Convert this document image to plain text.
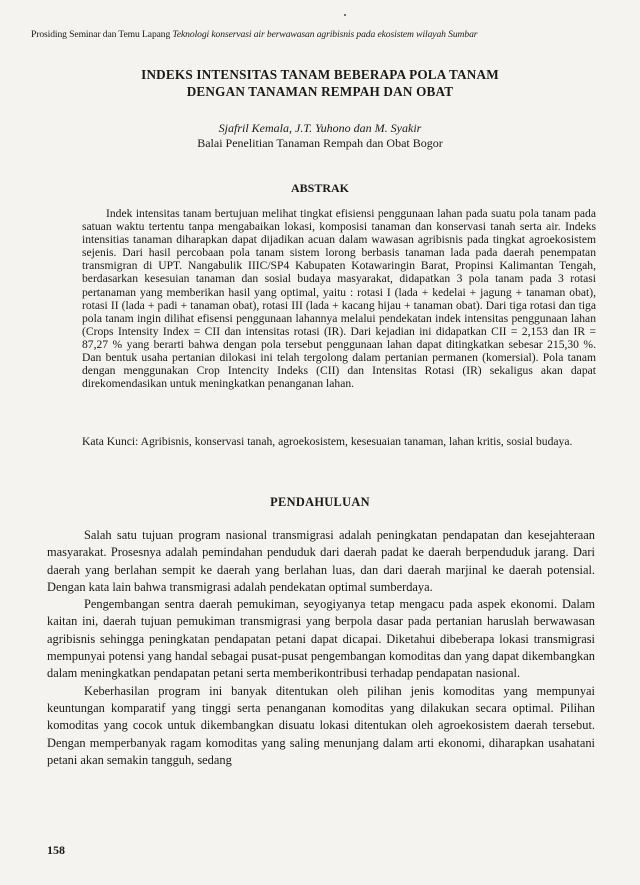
Prosiding Seminar dan Temu Lapang Teknologi konservasi air berwawasan agribisnis pada ekosistem wilayah Sumbar
INDEKS INTENSITAS TANAM BEBERAPA POLA TANAM
DENGAN TANAMAN REMPAH DAN OBAT
Sjafril Kemala, J.T. Yuhono dan M. Syakir
Balai Penelitian Tanaman Rempah dan Obat Bogor
ABSTRAK

Indek intensitas tanam bertujuan melihat tingkat efisiensi penggunaan lahan pada suatu pola tanam pada satuan waktu tertentu tanpa mengabaikan lokasi, komposisi tanaman dan konservasi tanah serta air. Indeks intensitias tanaman diharapkan dapat dijadikan acuan dalam wawasan agribisnis pada tingkat agroekosistem sejenis. Dari hasil percobaan pola tanam sistem lorong berbasis tanaman lada pada daerah penempatan transmigran di UPT. Nangabulik IIIC/SP4 Kabupaten Kotawaringin Barat, Propinsi Kalimantan Tengah, berdasarkan kesesuian tanaman dan sosial budaya masyarakat, didapatkan 3 pola tanam pada 3 rotasi pertanaman yang memberikan hasil yang optimal, yaitu : rotasi I (lada + kedelai + jagung + tanaman obat), rotasi II (lada + padi + tanaman obat), rotasi III (lada + kacang hijau + tanaman obat). Dari tiga rotasi dan tiga pola tanam ingin dilihat efisensi penggunaan lahannya melalui pendekatan indek intensitas penggunaan lahan (Crops Intensity Index = CII dan intensitas rotasi (IR). Dari kejadian ini didapatkan CII = 2,153 dan IR = 87,27 % yang berarti bahwa dengan pola tersebut penggunaan lahan dapat ditingkatkan sebesar 215,30 %. Dan bentuk usaha pertanian dilokasi ini telah tergolong dalam pertanian permanen (komersial). Pola tanam dengan menggunakan Crop Intencity Indeks (CII) dan Intensitas Rotasi (IR) sekaligus akan dapat direkomendasikan untuk meningkatkan penanganan lahan.

Kata Kunci: Agribisnis, konservasi tanah, agroekosistem, kesesuaian tanaman, lahan kritis, sosial budaya.

PENDAHULUAN

Salah satu tujuan program nasional transmigrasi adalah peningkatan pendapatan dan kesejahteraan masyarakat. Prosesnya adalah pemindahan penduduk dari daerah padat ke daerah berpenduduk jarang. Dari daerah yang berlahan sempit ke daerah yang berlahan luas, dan dari daerah marjinal ke daerah potensial. Dengan kata lain bahwa transmigrasi adalah pendekatan optimal sumberdaya.

Pengembangan sentra daerah pemukiman, seyogiyanya tetap mengacu pada aspek ekonomi. Dalam kaitan ini, daerah tujuan pemukiman transmigrasi yang berpola dasar pada pertanian haruslah berwawasan agribisnis sehingga peningkatan pendapatan petani dapat dicapai. Diketahui dibeberapa lokasi transmigrasi mempunyai potensi yang handal sebagai pusat-pusat pengembangan komoditas dan yang dapat dikembangkan dalam meningkatkan pendapatan petani serta memberikontribusi terhadap pendapatan nasional.

Keberhasilan program ini banyak ditentukan oleh pilihan jenis komoditas yang mempunyai keuntungan komparatif yang tinggi serta penanganan komoditas yang dilakukan secara optimal. Pilihan komoditas yang cocok untuk dikembangkan disuatu lokasi ditentukan oleh agroekosistem daerah tersebut. Dengan memperbanyak ragam komoditas yang saling menunjang dalam arti ekonomi, diharapkan usahatani petani akan semakin tangguh, sedang

158
